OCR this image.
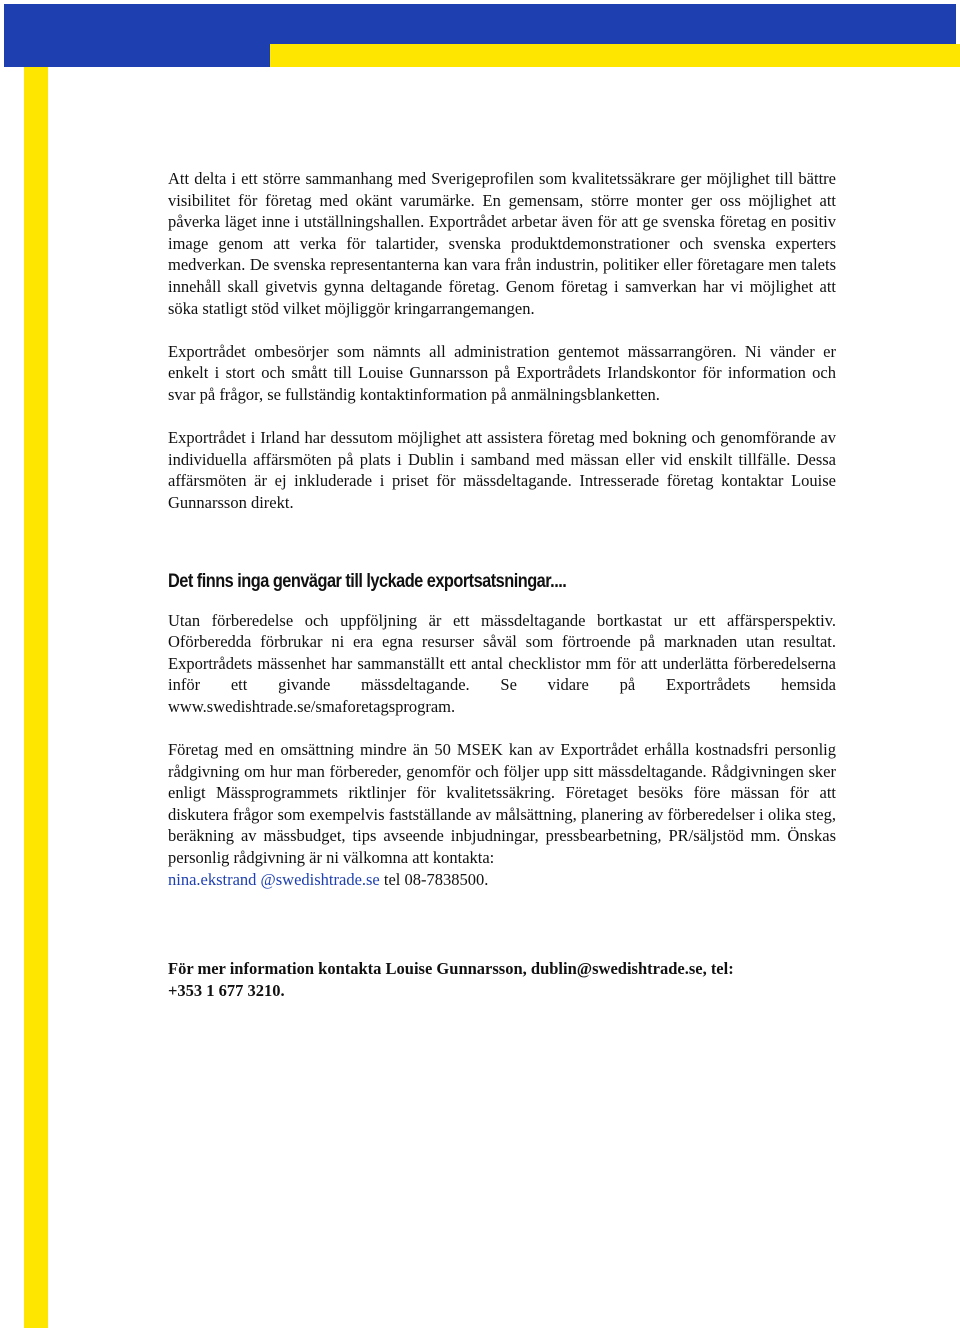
Att delta i ett större sammanhang med Sverigeprofilen som kvalitetssäkrare ger möjlighet till bättre visibilitet för företag med okänt varumärke. En gemensam, större monter ger oss möjlighet att påverka läget inne i utställningshallen. Exportrådet arbetar även för att ge svenska företag en positiv image genom att verka för talartider, svenska produktdemonstrationer och svenska experters medverkan. De svenska representanterna kan vara från industrin, politiker eller företagare men talets innehåll skall givetvis gynna deltagande företag. Genom företag i samverkan har vi möjlighet att söka statligt stöd vilket möjliggör kringarrangemangen.

Exportrådet ombesörjer som nämnts all administration gentemot mässarrangören. Ni vänder er enkelt i stort och smått till Louise Gunnarsson på Exportrådets Irlandskontor för information och svar på frågor, se fullständig kontaktinformation på anmälningsblanketten.

Exportrådet i Irland har dessutom möjlighet att assistera företag med bokning och genomförande av individuella affärsmöten på plats i Dublin i samband med mässan eller vid enskilt tillfälle. Dessa affärsmöten är ej inkluderade i priset för mässdeltagande. Intresserade företag kontaktar Louise Gunnarsson direkt.

Det finns inga genvägar till lyckade exportsatsningar....

Utan förberedelse och uppföljning är ett mässdeltagande bortkastat ur ett affärsperspektiv. Oförberedda förbrukar ni era egna resurser såväl som förtroende på marknaden utan resultat. Exportrådets mässenhet har sammanställt ett antal checklistor mm för att underlätta förberedelserna inför ett givande mässdeltagande. Se vidare på Exportrådets hemsida www.swedishtrade.se/smaforetagsprogram.

Företag med en omsättning mindre än 50 MSEK kan av Exportrådet erhålla kostnadsfri personlig rådgivning om hur man förbereder, genomför och följer upp sitt mässdeltagande. Rådgivningen sker enligt Mässprogrammets riktlinjer för kvalitetssäkring. Företaget besöks före mässan för att diskutera frågor som exempelvis fastställande av målsättning, planering av förberedelser i olika steg, beräkning av mässbudget, tips avseende inbjudningar, pressbearbetning, PR/säljstöd mm. Önskas personlig rådgivning är ni välkomna att kontakta:
nina.ekstrand @swedishtrade.se tel 08-7838500.

För mer information kontakta Louise Gunnarsson, dublin@swedishtrade.se, tel:
+353 1 677 3210.
